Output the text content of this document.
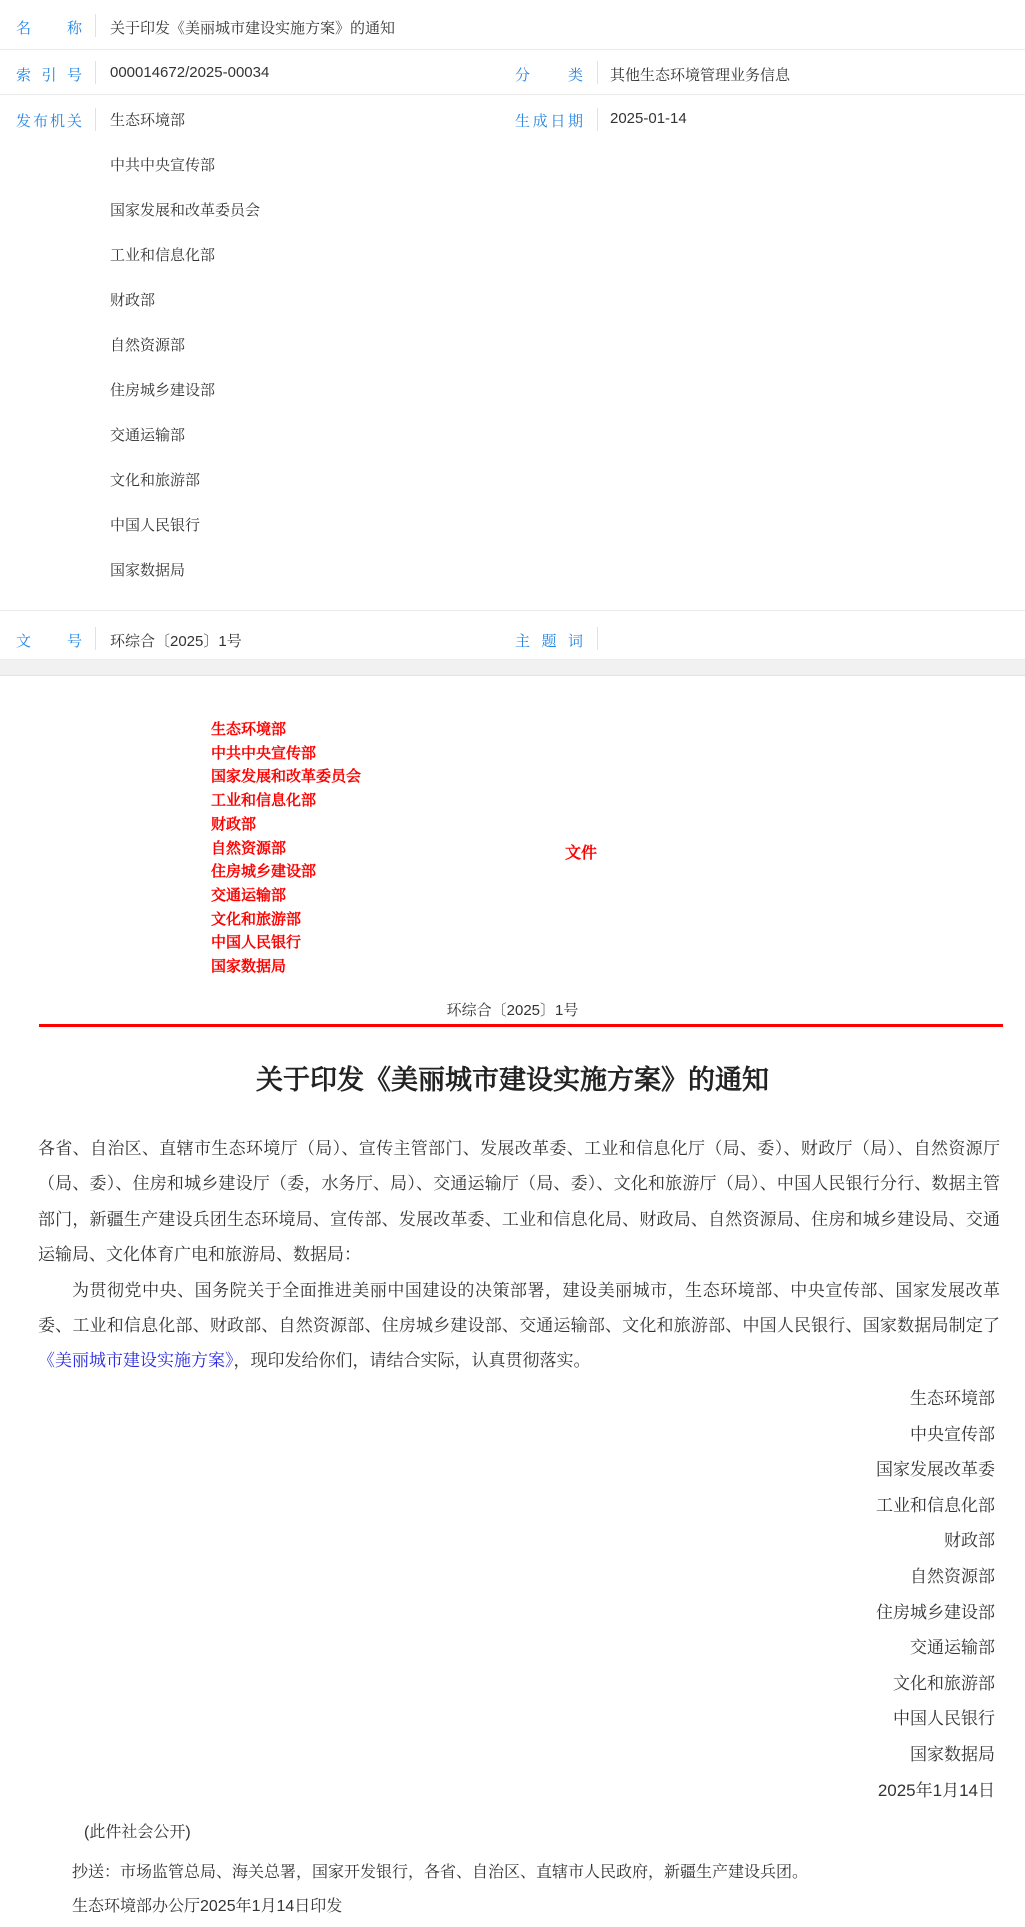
名称 关于印发《美丽城市建设实施方案》的通知
索引号 000014672/2025-00034	分类 其他生态环境管理业务信息
发布机关 生态环境部
中共中央宣传部
国家发展和改革委员会
工业和信息化部
财政部
自然资源部
住房城乡建设部
交通运输部
文化和旅游部
中国人民银行
国家数据局
生成日期 2025-01-14
文号 环综合〔2025〕1号	主题词
生态环境部
中共中央宣传部
国家发展和改革委员会
工业和信息化部
财政部
自然资源部
住房城乡建设部
交通运输部
文化和旅游部
中国人民银行
国家数据局
文件
环综合〔2025〕1号
关于印发《美丽城市建设实施方案》的通知

各省、自治区、直辖市生态环境厅（局）、宣传主管部门、发展改革委、工业和信息化厅（局、委）、财政厅（局）、自然资源厅（局、委）、住房和城乡建设厅（委，水务厅、局）、交通运输厅（局、委）、文化和旅游厅（局）、中国人民银行分行、数据主管部门，新疆生产建设兵团生态环境局、宣传部、发展改革委、工业和信息化局、财政局、自然资源局、住房和城乡建设局、交通运输局、文化体育广电和旅游局、数据局：

为贯彻党中央、国务院关于全面推进美丽中国建设的决策部署，建设美丽城市，生态环境部、中央宣传部、国家发展改革委、工业和信息化部、财政部、自然资源部、住房城乡建设部、交通运输部、文化和旅游部、中国人民银行、国家数据局制定了《美丽城市建设实施方案》，现印发给你们，请结合实际，认真贯彻落实。

生态环境部
中央宣传部
国家发展改革委
工业和信息化部
财政部
自然资源部
住房城乡建设部
交通运输部
文化和旅游部
中国人民银行
国家数据局
2025年1月14日
(此件社会公开)
抄送：市场监管总局、海关总署，国家开发银行，各省、自治区、直辖市人民政府，新疆生产建设兵团。
生态环境部办公厅2025年1月14日印发
